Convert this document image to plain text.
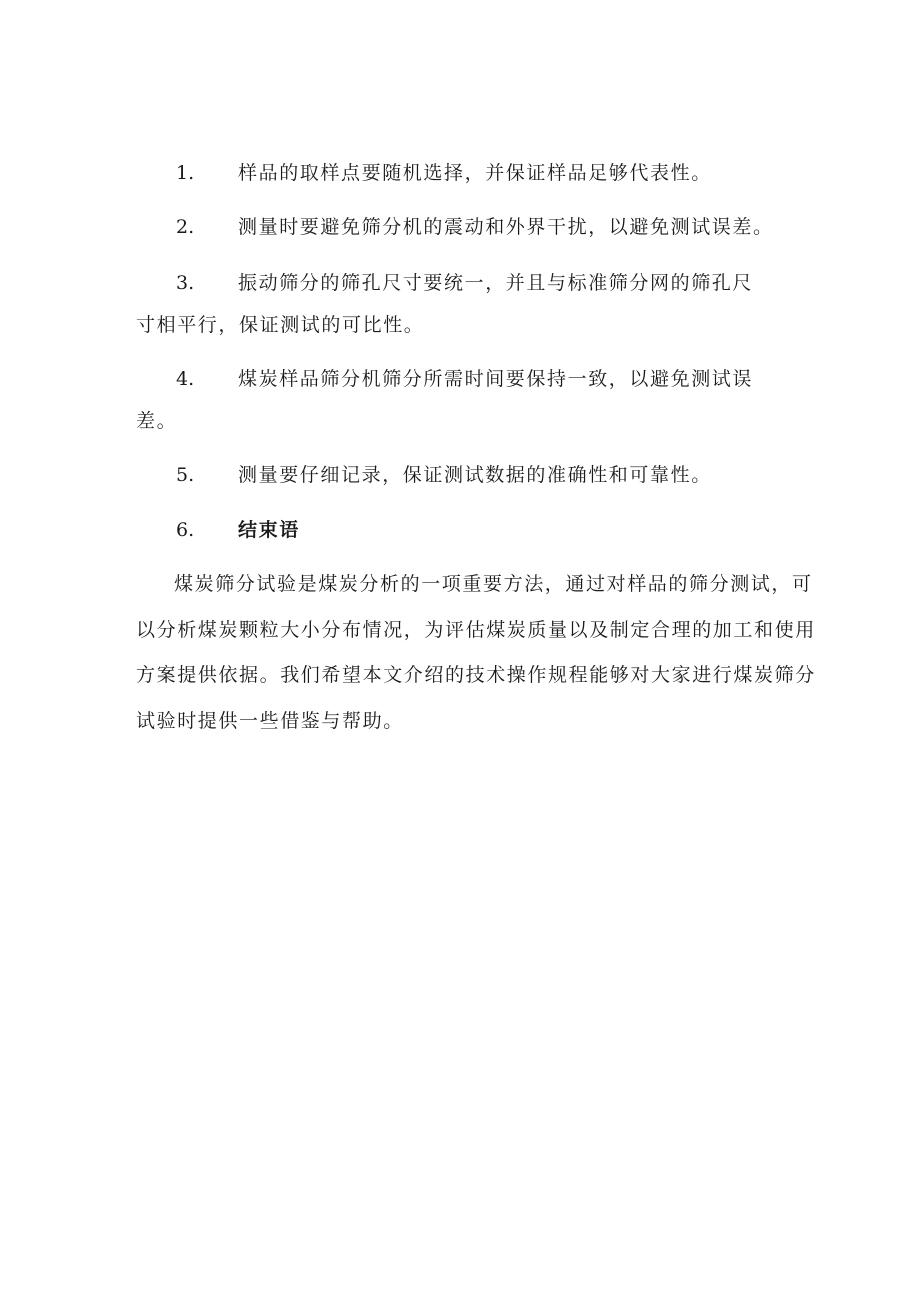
1.	样品的取样点要随机选择，并保证样品足够代表性。
2.	测量时要避免筛分机的震动和外界干扰，以避免测试误差。
3.	振动筛分的筛孔尺寸要统一，并且与标准筛分网的筛孔尺
寸相平行，保证测试的可比性。
4.	煤炭样品筛分机筛分所需时间要保持一致，以避免测试误
差。
5.	测量要仔细记录，保证测试数据的准确性和可靠性。
6.	结束语
煤炭筛分试验是煤炭分析的一项重要方法，通过对样品的筛分测试，可
以分析煤炭颗粒大小分布情况，为评估煤炭质量以及制定合理的加工和使用
方案提供依据。我们希望本文介绍的技术操作规程能够对大家进行煤炭筛分
试验时提供一些借鉴与帮助。
